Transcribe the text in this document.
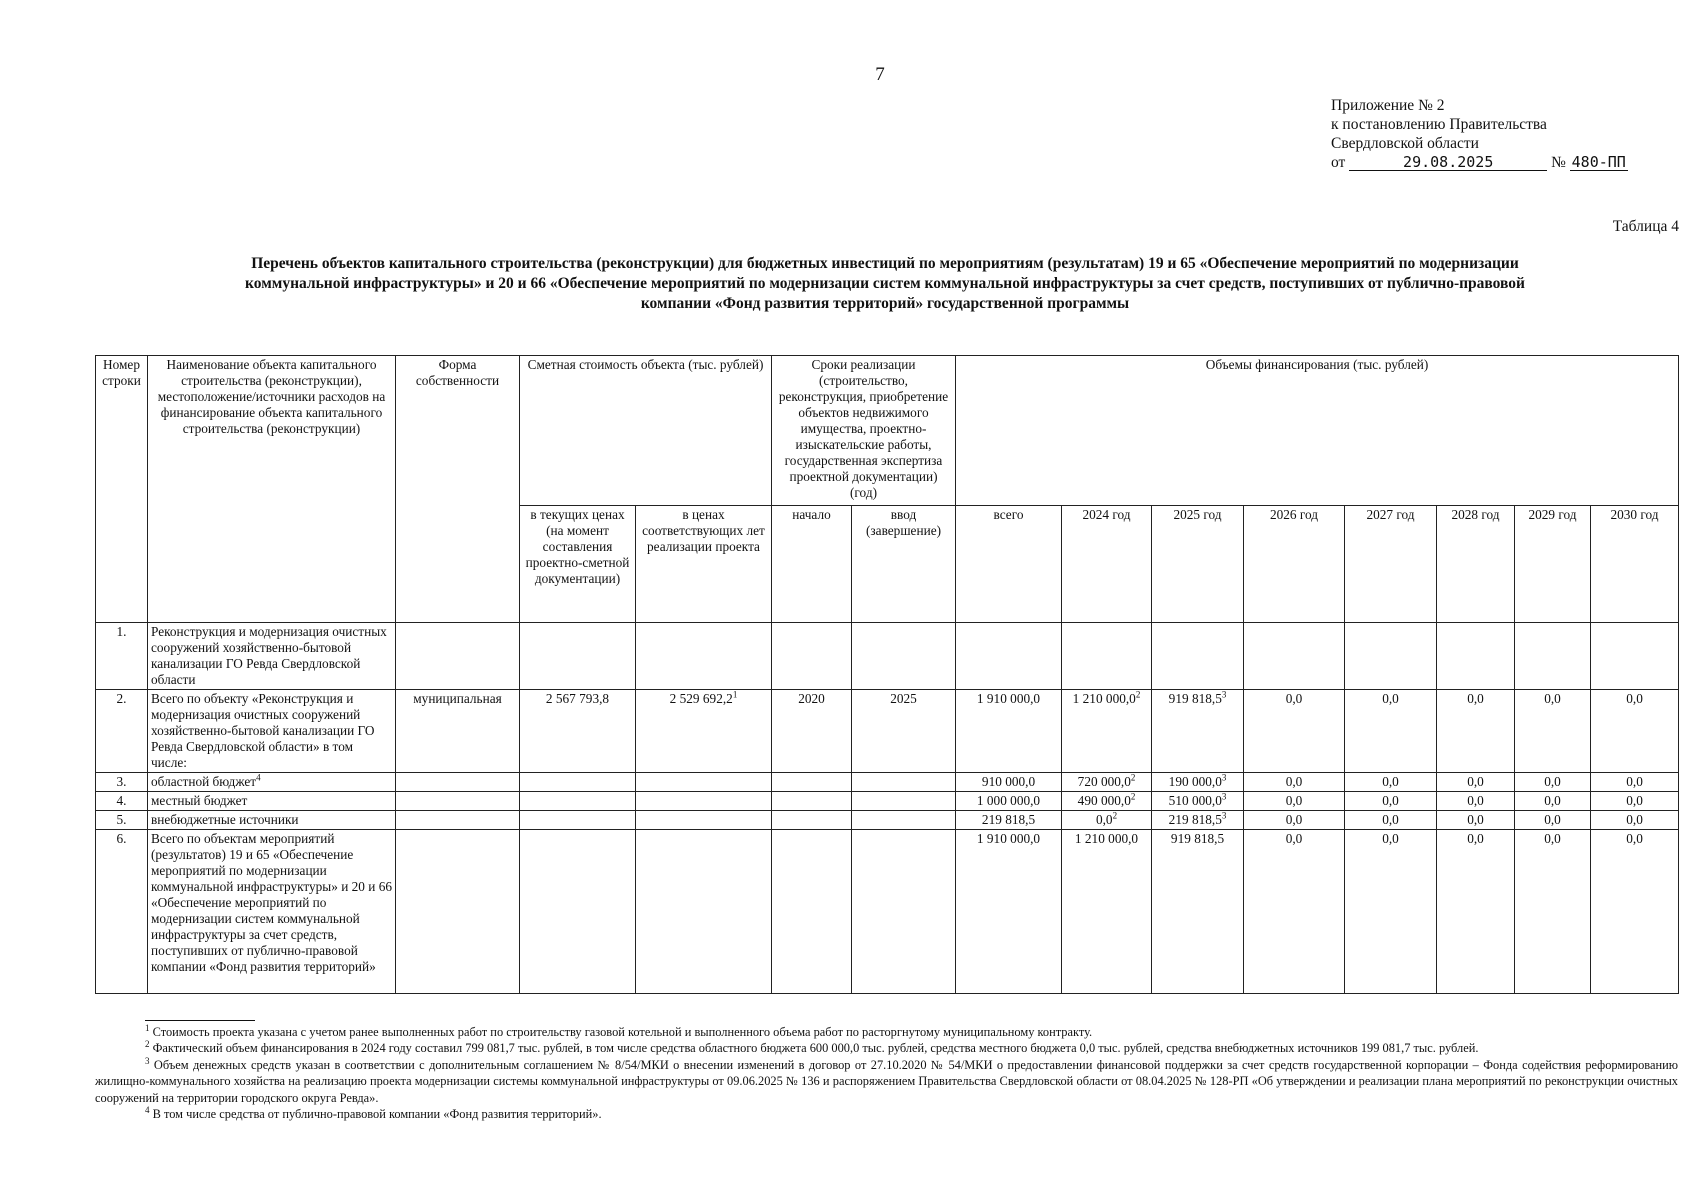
7
Приложение № 2
к постановлению Правительства
Свердловской области
от	29.08.2025	№ 480-ПП
Таблица 4
Перечень объектов капитального строительства (реконструкции) для бюджетных инвестиций по мероприятиям (результатам) 19 и 65 «Обеспечение мероприятий по модернизации коммунальной инфраструктуры» и 20 и 66 «Обеспечение мероприятий по модернизации систем коммунальной инфраструктуры за счет средств, поступивших от публично-правовой компании «Фонд развития территорий» государственной программы
Номер строки	Наименование объекта капитального строительства (реконструкции), местоположение/источники расходов на финансирование объекта капитального строительства (реконструкции)	Форма собственности	Сметная стоимость объекта (тыс. рублей)		Сроки реализации (строительство, реконструкция, приобретение объектов недвижимого имущества, проектно-изыскательские работы, государственная экспертиза проектной документации) (год)		Объемы финансирования (тыс. рублей)							
			в текущих ценах (на момент составления проектно-сметной документации)	в ценах соответствующих лет реализации проекта	начало	ввод (завершение)	всего	2024 год	2025 год	2026 год	2027 год	2028 год	2029 год	2030 год
1.	Реконструкция и модернизация очистных сооружений хозяйственно-бытовой канализации ГО Ревда Свердловской области													
2.	Всего по объекту «Реконструкция и модернизация очистных сооружений хозяйственно-бытовой канализации ГО Ревда Свердловской области» в том числе:	муниципальная	2 567 793,8	2 529 692,2$^1$	2020	2025	1 910 000,0	1 210 000,0$^2$	919 818,5$^3$	0,0	0,0	0,0	0,0	0,0
3.	областной бюджет$^4$						910 000,0	720 000,0$^2$	190 000,0$^3$	0,0	0,0	0,0	0,0	0,0
4.	местный бюджет						1 000 000,0	490 000,0$^2$	510 000,0$^3$	0,0	0,0	0,0	0,0	0,0
5.	внебюджетные источники						219 818,5	$0,0^2$	219 818,5$^3$	0,0	0,0	0,0	0,0	0,0
6.	Всего по объектам мероприятий (результатов) 19 и 65 «Обеспечение мероприятий по модернизации коммунальной инфраструктуры» и 20 и 66 «Обеспечение мероприятий по модернизации систем коммунальной инфраструктуры за счет средств, поступивших от публично-правовой компании «Фонд развития территорий»						1 910 000,0	1 210 000,0	919 818,5	0,0	0,0	0,0	0,0	0,0

$^1$ Стоимость проекта указана с учетом ранее выполненных работ по строительству газовой котельной и выполненного объема работ по расторгнутому муниципальному контракту.

$^2$ Фактический объем финансирования в 2024 году составил 799 081,7 тыс. рублей, в том числе средства областного бюджета 600 000,0 тыс. рублей, средства местного бюджета 0,0 тыс. рублей, средства внебюджетных источников 199 081,7 тыс. рублей.

$^3$ Объем денежных средств указан в соответствии с дополнительным соглашением № 8/54/МКИ о внесении изменений в договор от 27.10.2020 № 54/МКИ о предоставлении финансовой поддержки за счет средств государственной корпорации – Фонда содействия реформированию жилищно-коммунального хозяйства на реализацию проекта модернизации системы коммунальной инфраструктуры от 09.06.2025 № 136 и распоряжением Правительства Свердловской области от 08.04.2025 № 128-РП «Об утверждении и реализации плана мероприятий по реконструкции очистных сооружений на территории городского округа Ревда».

$^4$ В том числе средства от публично-правовой компании «Фонд развития территорий».
